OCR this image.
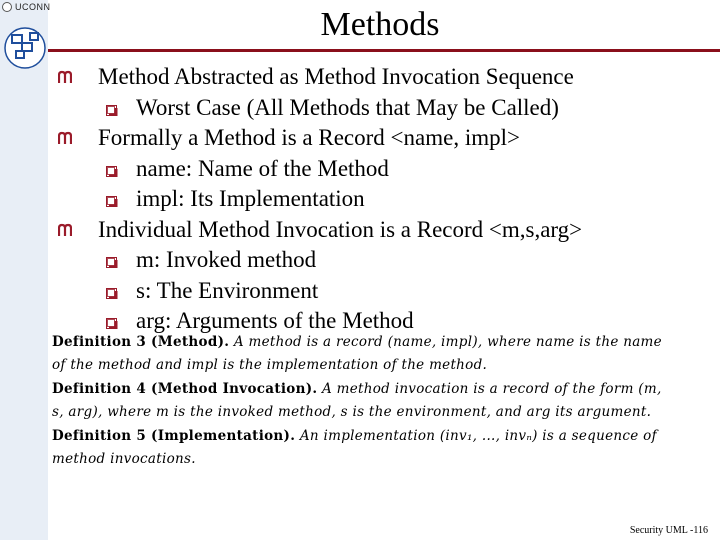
UCONN	Methods
Method Abstracted as Method Invocation Sequence
Worst Case (All Methods that May be Called)
Formally a Method is a Record <name, impl>
name: Name of the Method
impl: Its Implementation
Individual Method Invocation is a Record <m,s,arg>
m: Invoked method
s: The Environment
arg: Arguments of the Method

Definition 3 (Method). A method is a record (name, impl), where name is the name of the method and impl is the implementation of the method.

Definition 4 (Method Invocation). A method invocation is a record of the form (m, s, arg), where m is the invoked method, s is the environment, and arg its argument.

Definition 5 (Implementation). An implementation (inv₁, ..., invₙ) is a sequence of method invocations.

Security UML -116
